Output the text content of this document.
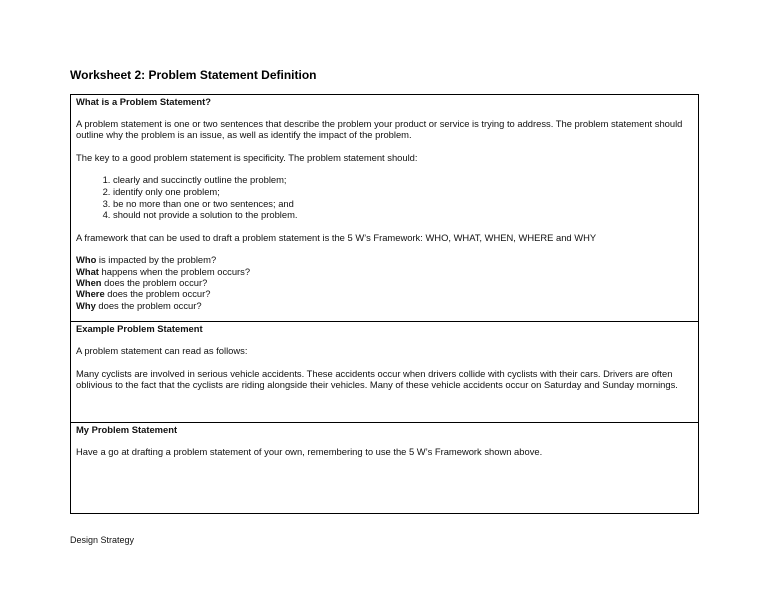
Worksheet 2: Problem Statement Definition
What is a Problem Statement?

A problem statement is one or two sentences that describe the problem your product or service is trying to address. The problem statement should outline why the problem is an issue, as well as identify the impact of the problem.

The key to a good problem statement is specificity. The problem statement should:

1. clearly and succinctly outline the problem;
2. identify only one problem;
3. be no more than one or two sentences; and
4. should not provide a solution to the problem.

A framework that can be used to draft a problem statement is the 5 W’s Framework: WHO, WHAT, WHEN, WHERE and WHY

Who is impacted by the problem?
What happens when the problem occurs?
When does the problem occur?
Where does the problem occur?
Why does the problem occur?
Example Problem Statement

A problem statement can read as follows:

Many cyclists are involved in serious vehicle accidents. These accidents occur when drivers collide with cyclists with their cars. Drivers are often oblivious to the fact that the cyclists are riding alongside their vehicles. Many of these vehicle accidents occur on Saturday and Sunday mornings.

My Problem Statement

Have a go at drafting a problem statement of your own, remembering to use the 5 W’s Framework shown above.

Design Strategy
